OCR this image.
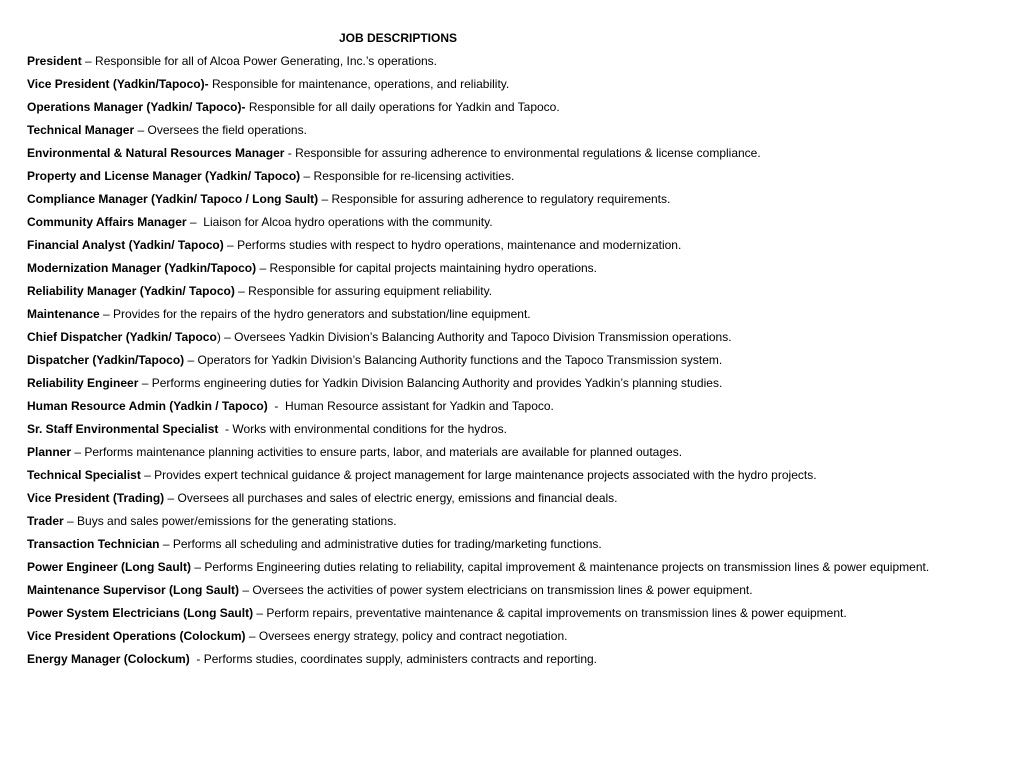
JOB DESCRIPTIONS
President – Responsible for all of Alcoa Power Generating, Inc.’s operations.
Vice President (Yadkin/Tapoco)- Responsible for maintenance, operations, and reliability.
Operations Manager (Yadkin/ Tapoco)- Responsible for all daily operations for Yadkin and Tapoco.
Technical Manager – Oversees the field operations.
Environmental & Natural Resources Manager - Responsible for assuring adherence to environmental regulations & license compliance.
Property and License Manager (Yadkin/ Tapoco) – Responsible for re-licensing activities.
Compliance Manager (Yadkin/ Tapoco / Long Sault) – Responsible for assuring adherence to regulatory requirements.
Community Affairs Manager –  Liaison for Alcoa hydro operations with the community.
Financial Analyst (Yadkin/ Tapoco) – Performs studies with respect to hydro operations, maintenance and modernization.
Modernization Manager (Yadkin/Tapoco) – Responsible for capital projects maintaining hydro operations.
Reliability Manager (Yadkin/ Tapoco) – Responsible for assuring equipment reliability.
Maintenance – Provides for the repairs of the hydro generators and substation/line equipment.
Chief Dispatcher (Yadkin/ Tapoco) – Oversees Yadkin Division’s Balancing Authority and Tapoco Division Transmission operations.
Dispatcher (Yadkin/Tapoco) – Operators for Yadkin Division’s Balancing Authority functions and the Tapoco Transmission system.
Reliability Engineer – Performs engineering duties for Yadkin Division Balancing Authority and provides Yadkin’s planning studies.
Human Resource Admin (Yadkin / Tapoco)  -  Human Resource assistant for Yadkin and Tapoco.
Sr. Staff Environmental Specialist  - Works with environmental conditions for the hydros.
Planner – Performs maintenance planning activities to ensure parts, labor, and materials are available for planned outages.
Technical Specialist – Provides expert technical guidance & project management for large maintenance projects associated with the hydro projects.
Vice President (Trading) – Oversees all purchases and sales of electric energy, emissions and financial deals.
Trader – Buys and sales power/emissions for the generating stations.
Transaction Technician – Performs all scheduling and administrative duties for trading/marketing functions.
Power Engineer (Long Sault) – Performs Engineering duties relating to reliability, capital improvement & maintenance projects on transmission lines & power equipment.
Maintenance Supervisor (Long Sault) – Oversees the activities of power system electricians on transmission lines & power equipment.
Power System Electricians (Long Sault) – Perform repairs, preventative maintenance & capital improvements on transmission lines & power equipment.
Vice President Operations (Colockum) – Oversees energy strategy, policy and contract negotiation.
Energy Manager (Colockum)  - Performs studies, coordinates supply, administers contracts and reporting.
